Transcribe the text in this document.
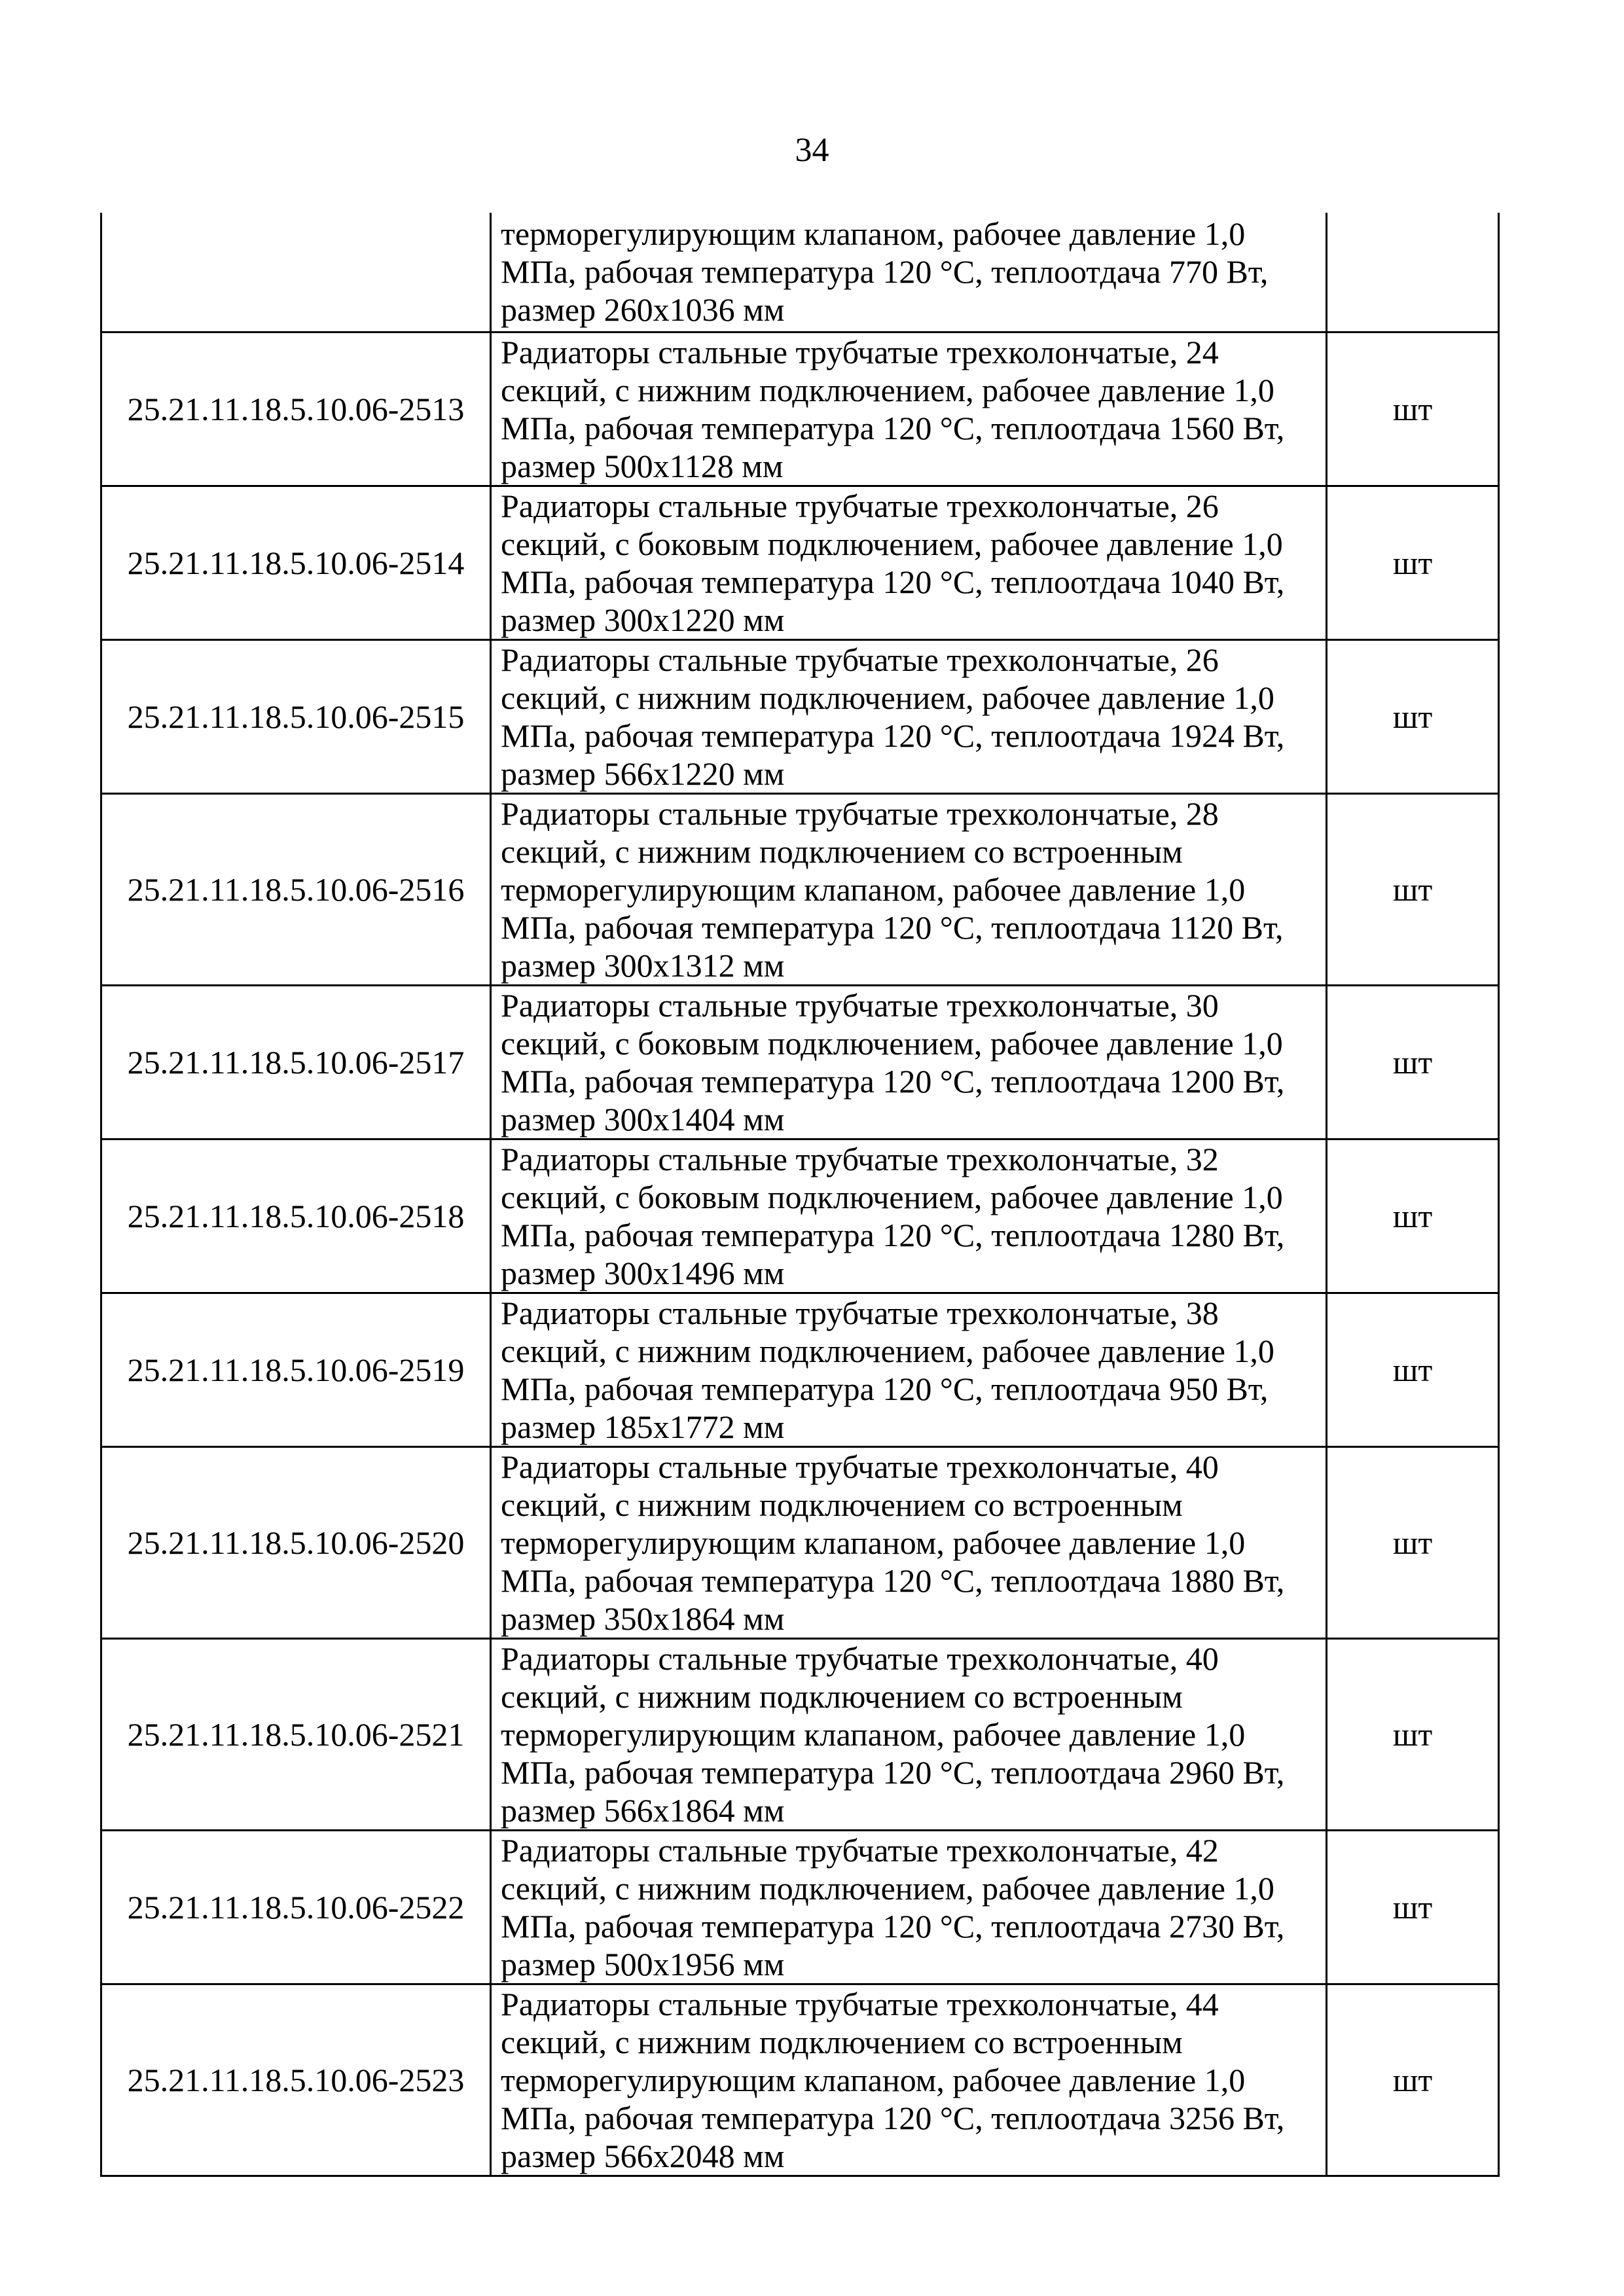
34
	терморегулирующим клапаном, рабочее давление 1,0
МПа, рабочая температура 120 °С, теплоотдача 770 Вт,
размер 260x1036 мм	
25.21.11.18.5.10.06-2513	Радиаторы стальные трубчатые трехколончатые, 24
секций, с нижним подключением, рабочее давление 1,0
МПа, рабочая температура 120 °С, теплоотдача 1560 Вт,
размер 500x1128 мм	шт
25.21.11.18.5.10.06-2514	Радиаторы стальные трубчатые трехколончатые, 26
секций, с боковым подключением, рабочее давление 1,0
МПа, рабочая температура 120 °С, теплоотдача 1040 Вт,
размер 300x1220 мм	шт
25.21.11.18.5.10.06-2515	Радиаторы стальные трубчатые трехколончатые, 26
секций, с нижним подключением, рабочее давление 1,0
МПа, рабочая температура 120 °С, теплоотдача 1924 Вт,
размер 566x1220 мм	шт
25.21.11.18.5.10.06-2516	Радиаторы стальные трубчатые трехколончатые, 28
секций, с нижним подключением со встроенным
терморегулирующим клапаном, рабочее давление 1,0
МПа, рабочая температура 120 °С, теплоотдача 1120 Вт,
размер 300x1312 мм	шт
25.21.11.18.5.10.06-2517	Радиаторы стальные трубчатые трехколончатые, 30
секций, с боковым подключением, рабочее давление 1,0
МПа, рабочая температура 120 °С, теплоотдача 1200 Вт,
размер 300x1404 мм	шт
25.21.11.18.5.10.06-2518	Радиаторы стальные трубчатые трехколончатые, 32
секций, с боковым подключением, рабочее давление 1,0
МПа, рабочая температура 120 °С, теплоотдача 1280 Вт,
размер 300x1496 мм	шт
25.21.11.18.5.10.06-2519	Радиаторы стальные трубчатые трехколончатые, 38
секций, с нижним подключением, рабочее давление 1,0
МПа, рабочая температура 120 °С, теплоотдача 950 Вт,
размер 185x1772 мм	шт
25.21.11.18.5.10.06-2520	Радиаторы стальные трубчатые трехколончатые, 40
секций, с нижним подключением со встроенным
терморегулирующим клапаном, рабочее давление 1,0
МПа, рабочая температура 120 °С, теплоотдача 1880 Вт,
размер 350x1864 мм	шт
25.21.11.18.5.10.06-2521	Радиаторы стальные трубчатые трехколончатые, 40
секций, с нижним подключением со встроенным
терморегулирующим клапаном, рабочее давление 1,0
МПа, рабочая температура 120 °С, теплоотдача 2960 Вт,
размер 566x1864 мм	шт
25.21.11.18.5.10.06-2522	Радиаторы стальные трубчатые трехколончатые, 42
секций, с нижним подключением, рабочее давление 1,0
МПа, рабочая температура 120 °С, теплоотдача 2730 Вт,
размер 500x1956 мм	шт
25.21.11.18.5.10.06-2523	Радиаторы стальные трубчатые трехколончатые, 44
секций, с нижним подключением со встроенным
терморегулирующим клапаном, рабочее давление 1,0
МПа, рабочая температура 120 °С, теплоотдача 3256 Вт,
размер 566x2048 мм	шт
